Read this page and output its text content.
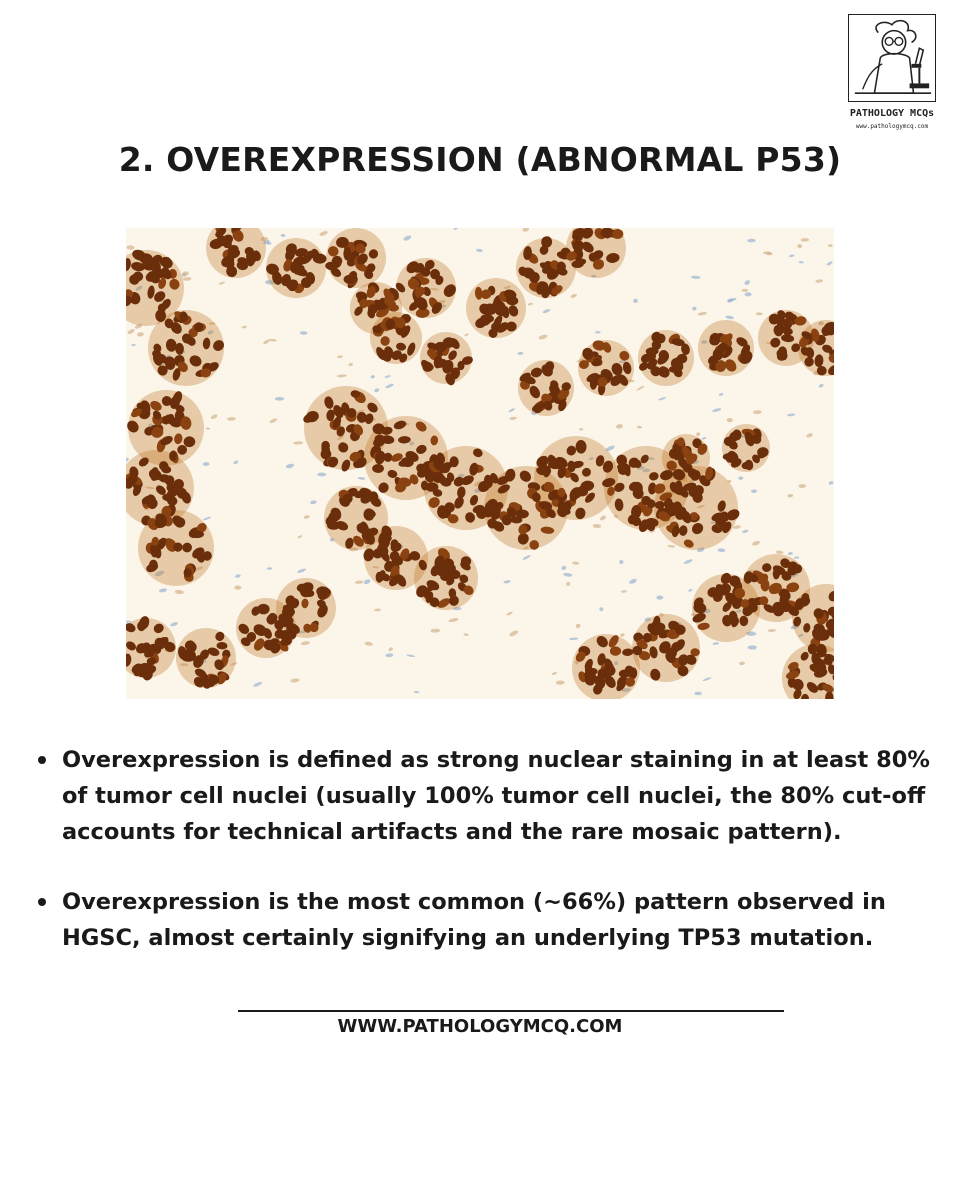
PATHOLOGY MCQs
www.pathologymcq.com
2. OVEREXPRESSION (ABNORMAL P53)
Overexpression is defined as strong nuclear staining in at least 80% of tumor cell nuclei (usually 100% tumor cell nuclei, the 80% cut-off accounts for technical artifacts and the rare mosaic pattern).
Overexpression is the most common (~66%) pattern observed in HGSC, almost certainly signifying an underlying TP53 mutation.
WWW.PATHOLOGYMCQ.COM
